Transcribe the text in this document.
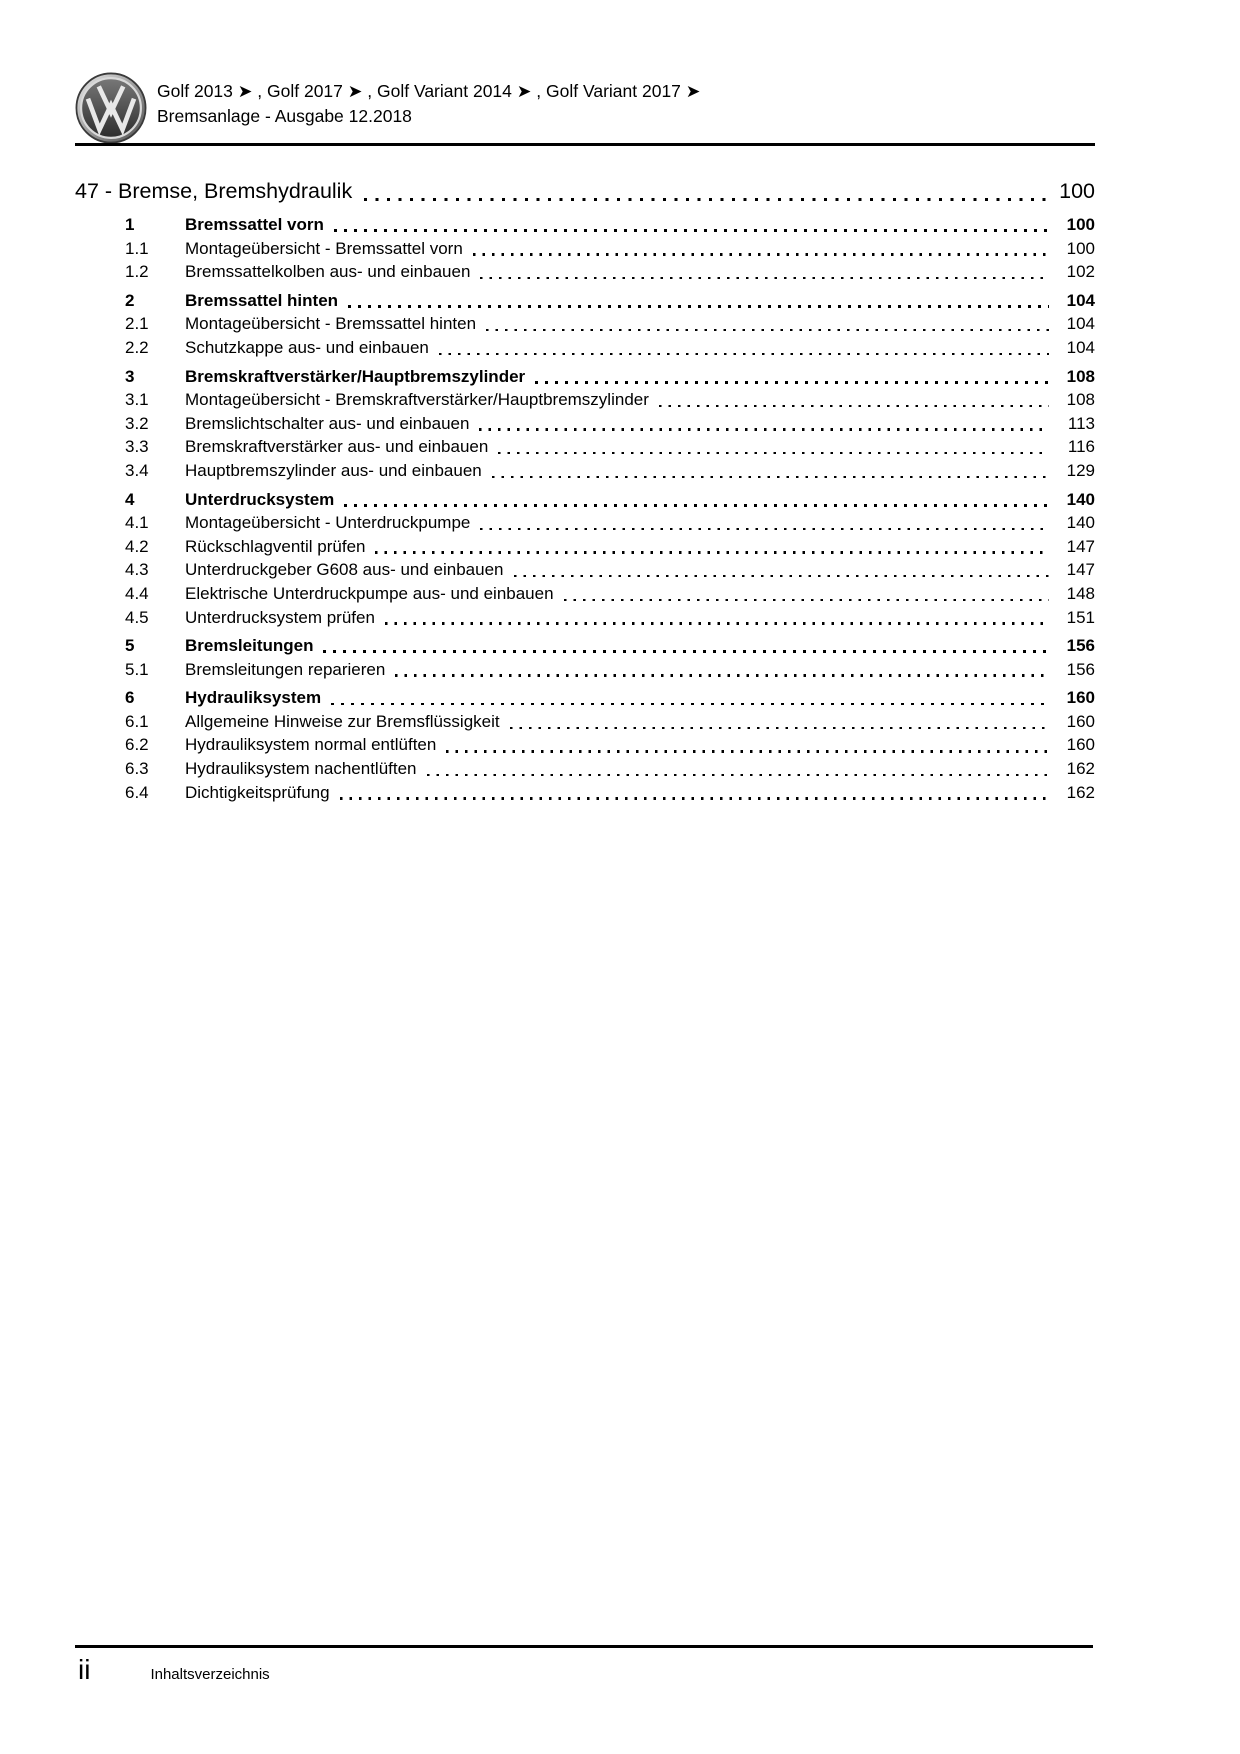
Golf 2013 ➤ , Golf 2017 ➤ , Golf Variant 2014 ➤ , Golf Variant 2017 ➤
Bremsanlage - Ausgabe 12.2018
47 - Bremse, Bremshydraulik	100
1	Bremssattel vorn	100
1.1	Montageübersicht - Bremssattel vorn	100
1.2	Bremssattelkolben aus- und einbauen	102
2	Bremssattel hinten	104
2.1	Montageübersicht - Bremssattel hinten	104
2.2	Schutzkappe aus- und einbauen	104
3	Bremskraftverstärker/Hauptbremszylinder	108
3.1	Montageübersicht - Bremskraftverstärker/Hauptbremszylinder	108
3.2	Bremslichtschalter aus- und einbauen	113
3.3	Bremskraftverstärker aus- und einbauen	116
3.4	Hauptbremszylinder aus- und einbauen	129
4	Unterdrucksystem	140
4.1	Montageübersicht - Unterdruckpumpe	140
4.2	Rückschlagventil prüfen	147
4.3	Unterdruckgeber G608 aus- und einbauen	147
4.4	Elektrische Unterdruckpumpe aus- und einbauen	148
4.5	Unterdrucksystem prüfen	151
5	Bremsleitungen	156
5.1	Bremsleitungen reparieren	156
6	Hydrauliksystem	160
6.1	Allgemeine Hinweise zur Bremsflüssigkeit	160
6.2	Hydrauliksystem normal entlüften	160
6.3	Hydrauliksystem nachentlüften	162
6.4	Dichtigkeitsprüfung	162
ii	Inhaltsverzeichnis
